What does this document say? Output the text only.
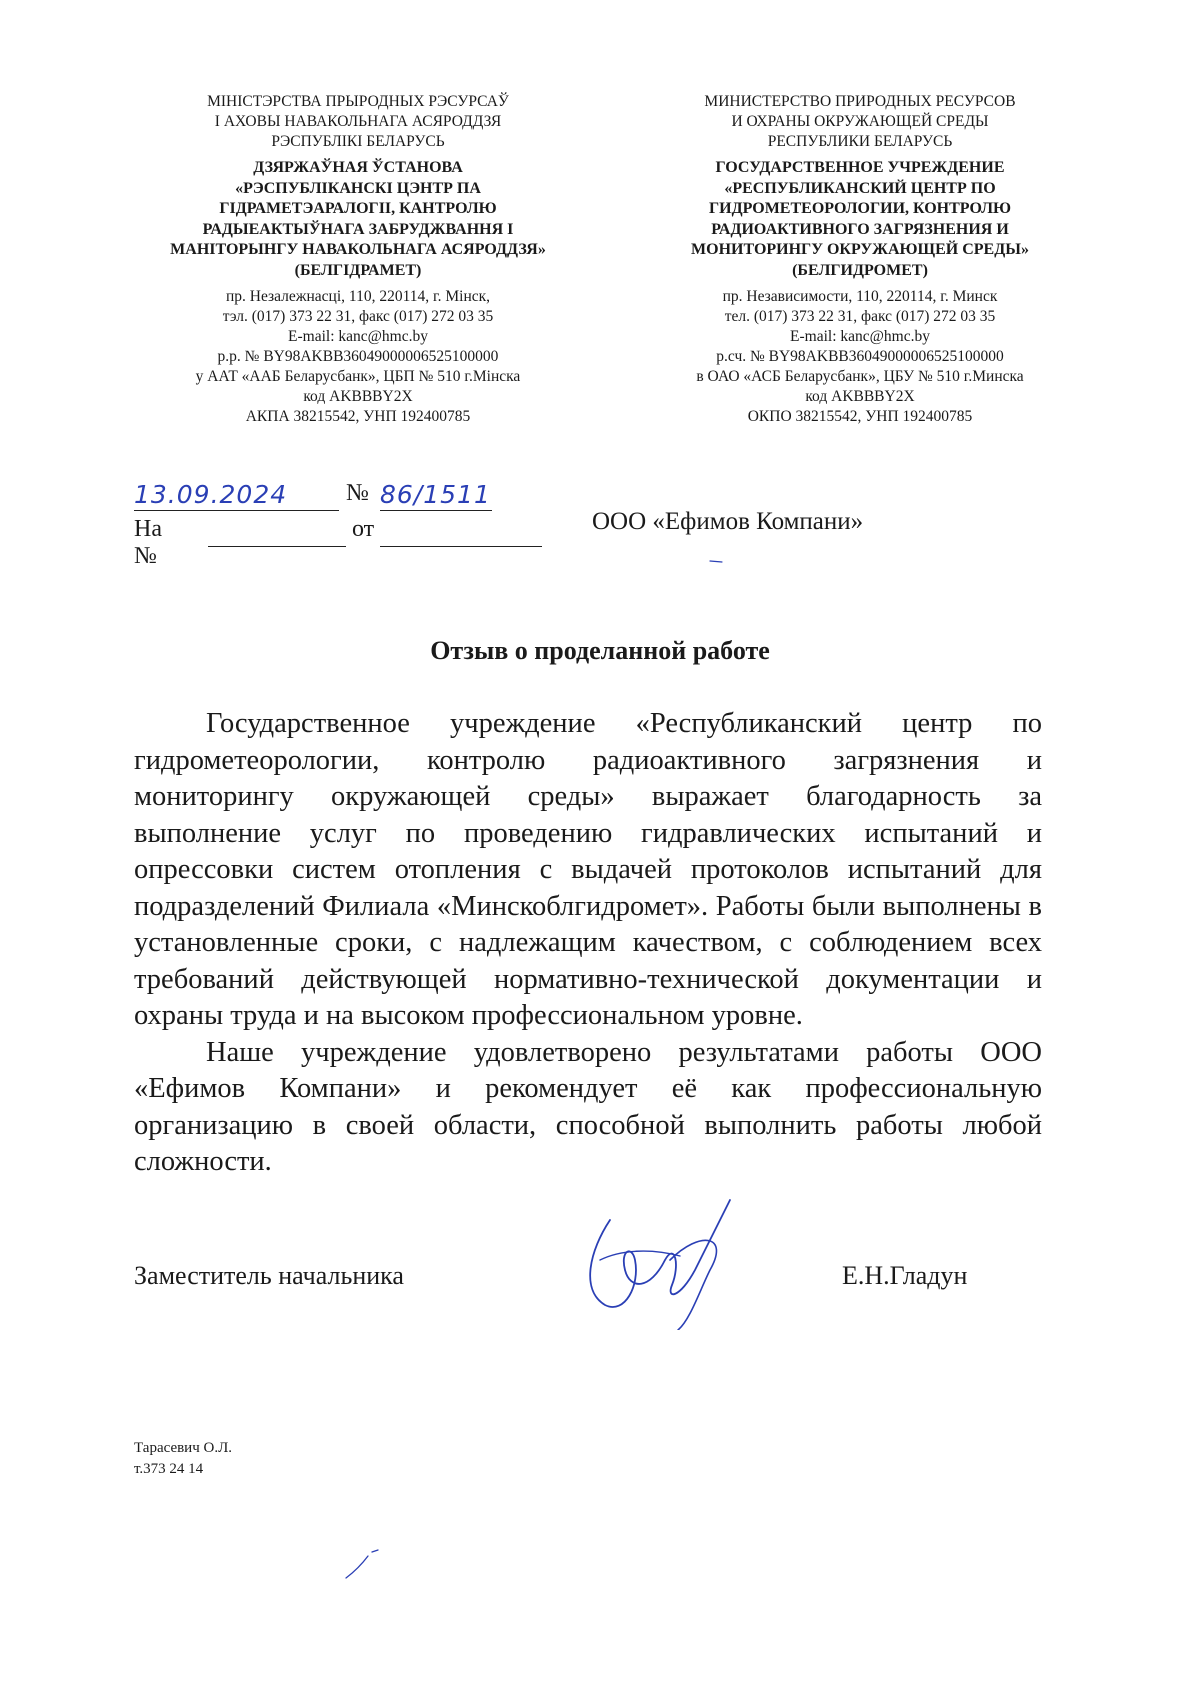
МІНІСТЭРСТВА ПРЫРОДНЫХ РЭСУРСАЎ
І АХОВЫ НАВАКОЛЬНАГА АСЯРОДДЗЯ
РЭСПУБЛІКІ БЕЛАРУСЬ
ДЗЯРЖАЎНАЯ ЎСТАНОВА
«РЭСПУБЛІКАНСКІ ЦЭНТР ПА
ГІДРАМЕТЭАРАЛОГІІ, КАНТРОЛЮ
РАДЫЕАКТЫЎНАГА ЗАБРУДЖВАННЯ І
МАНІТОРЫНГУ НАВАКОЛЬНАГА АСЯРОДДЗЯ»
(БЕЛГІДРАМЕТ)
пр. Незалежнасці, 110, 220114, г. Мінск,
тэл. (017) 373 22 31, факс (017) 272 03 35
E-mail: kanc@hmc.by
р.р. № BY98AKBB36049000006525100000
у ААТ «ААБ Беларусбанк», ЦБП № 510 г.Мінска
код AKBBBY2X
АКПА 38215542, УНП 192400785
МИНИСТЕРСТВО ПРИРОДНЫХ РЕСУРСОВ
И ОХРАНЫ ОКРУЖАЮЩЕЙ СРЕДЫ
РЕСПУБЛИКИ БЕЛАРУСЬ
ГОСУДАРСТВЕННОЕ УЧРЕЖДЕНИЕ
«РЕСПУБЛИКАНСКИЙ ЦЕНТР ПО
ГИДРОМЕТЕОРОЛОГИИ, КОНТРОЛЮ
РАДИОАКТИВНОГО ЗАГРЯЗНЕНИЯ И
МОНИТОРИНГУ ОКРУЖАЮЩЕЙ СРЕДЫ»
(БЕЛГИДРОМЕТ)
пр. Независимости, 110, 220114, г. Минск
тел. (017) 373 22 31, факс (017) 272 03 35
E-mail: kanc@hmc.by
р.сч. № BY98AKBB36049000006525100000
в ОАО «АСБ Беларусбанк», ЦБУ № 510 г.Минска
код AKBBBY2X
ОКПО 38215542, УНП 192400785
13.09.2024	№ 86/1511
На №
от	ООО «Ефимов Компани»
Отзыв о проделанной работе

Государственное учреждение «Республиканский центр по гидрометеорологии, контролю радиоактивного загрязнения и мониторингу окружающей среды» выражает благодарность за выполнение услуг по проведению гидравлических испытаний и опрессовки систем отопления с выдачей протоколов испытаний для подразделений Филиала «Минскоблгидромет». Работы были выполнены в установленные сроки, с надлежащим качеством, с соблюдением всех требований действующей нормативно-технической документации и охраны труда и на высоком профессиональном уровне.

Наше учреждение удовлетворено результатами работы ООО «Ефимов Компани» и рекомендует её как профессиональную организацию в своей области, способной выполнить работы любой сложности.

Заместитель начальника	Е.Н.Гладун
Тарасевич О.Л.
т.373 24 14
